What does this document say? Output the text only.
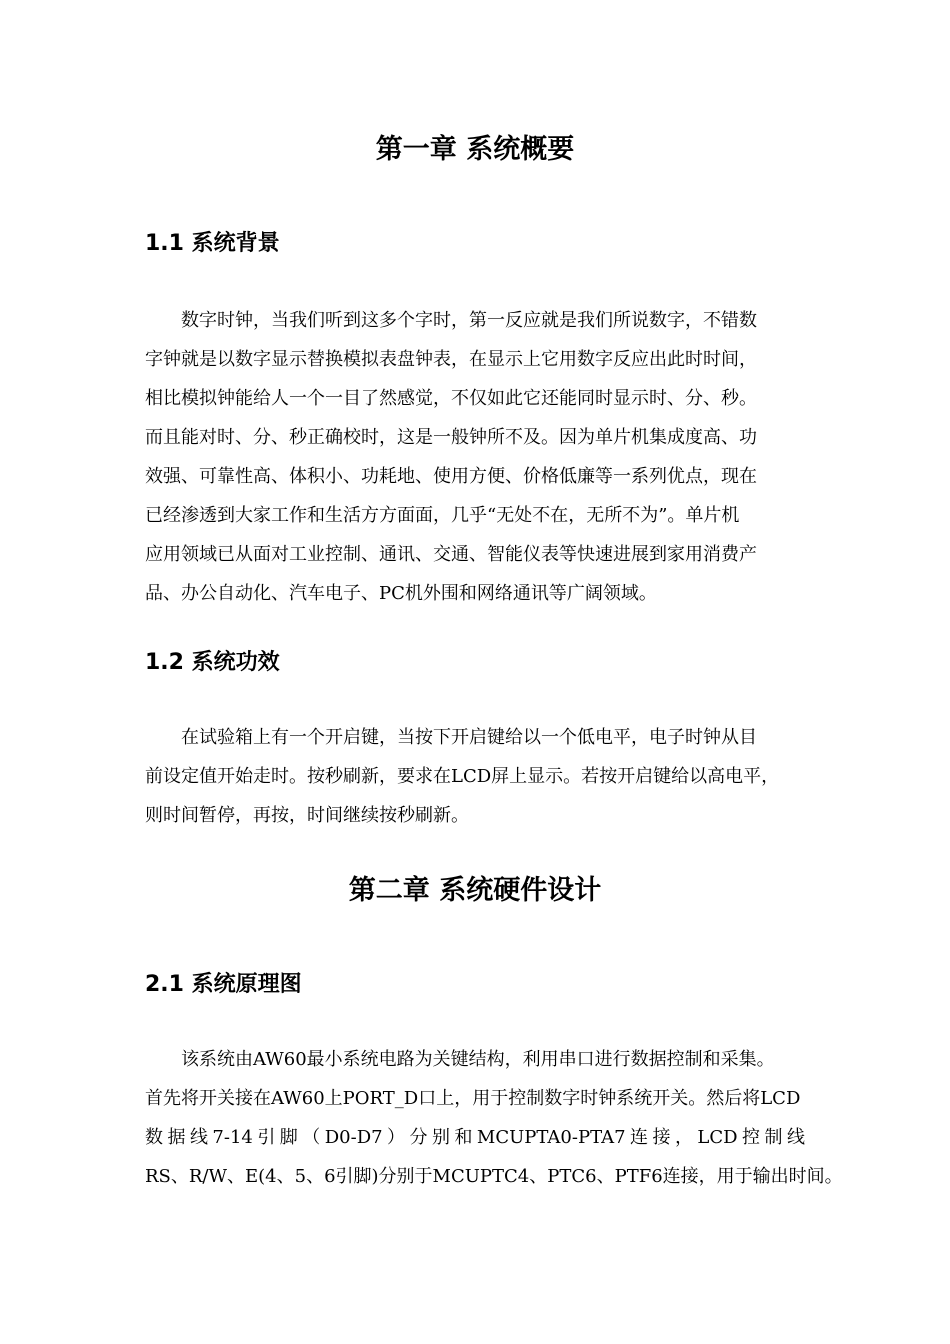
第一章 系统概要
1.1 系统背景
数字时钟，当我们听到这多个字时，第一反应就是我们所说数字，不错数
字钟就是以数字显示替换模拟表盘钟表，在显示上它用数字反应出此时时间，
相比模拟钟能给人一个一目了然感觉，不仅如此它还能同时显示时、分、秒。
而且能对时、分、秒正确校时，这是一般钟所不及。因为单片机集成度高、功
效强、可靠性高、体积小、功耗地、使用方便、价格低廉等一系列优点，现在
已经渗透到大家工作和生活方方面面，几乎“无处不在，无所不为”。单片机
应用领域已从面对工业控制、通讯、交通、智能仪表等快速进展到家用消费产
品、办公自动化、汽车电子、PC机外围和网络通讯等广阔领域。
1.2 系统功效
在试验箱上有一个开启键，当按下开启键给以一个低电平，电子时钟从目
前设定值开始走时。按秒刷新，要求在LCD屏上显示。若按开启键给以高电平，
则时间暂停，再按，时间继续按秒刷新。
第二章 系统硬件设计
2.1 系统原理图
该系统由AW60最小系统电路为关键结构，利用串口进行数据控制和采集。
首先将开关接在AW60上PORT_D口上，用于控制数字时钟系统开关。然后将LCD
数据线7-14引脚（D0-D7）分别和MCUPTA0-PTA7连接，LCD控制线
RS、R/W、E(4、5、6引脚)分别于MCUPTC4、PTC6、PTF6连接，用于输出时间。
